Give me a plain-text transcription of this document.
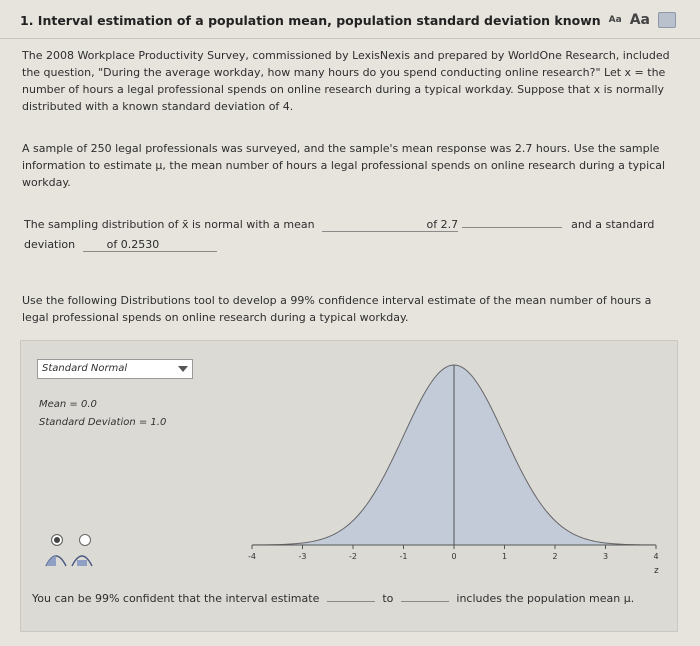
1. Interval estimation of a population mean, population standard deviation known Aa Aa
The 2008 Workplace Productivity Survey, commissioned by LexisNexis and prepared by WorldOne Research, included the question, "During the average workday, how many hours do you spend conducting online research?" Let x = the number of hours a legal professional spends on online research during a typical workday. Suppose that x is normally distributed with a known standard deviation of 4.
A sample of 250 legal professionals was surveyed, and the sample's mean response was 2.7 hours. Use the sample information to estimate μ, the mean number of hours a legal professional spends on online research during a typical workday.
The sampling distribution of x̄ is normal with a mean	of 2.7	and a standard
deviation	of 0.2530
Use the following Distributions tool to develop a 99% confidence interval estimate of the mean number of hours a legal professional spends on online research during a typical workday.
Standard Normal
Mean = 0.0
Standard Deviation = 1.0
-4	-3	-2	-1	0	1	2	3	4
z
You can be 99% confident that the interval estimate	to	includes the population mean μ.
